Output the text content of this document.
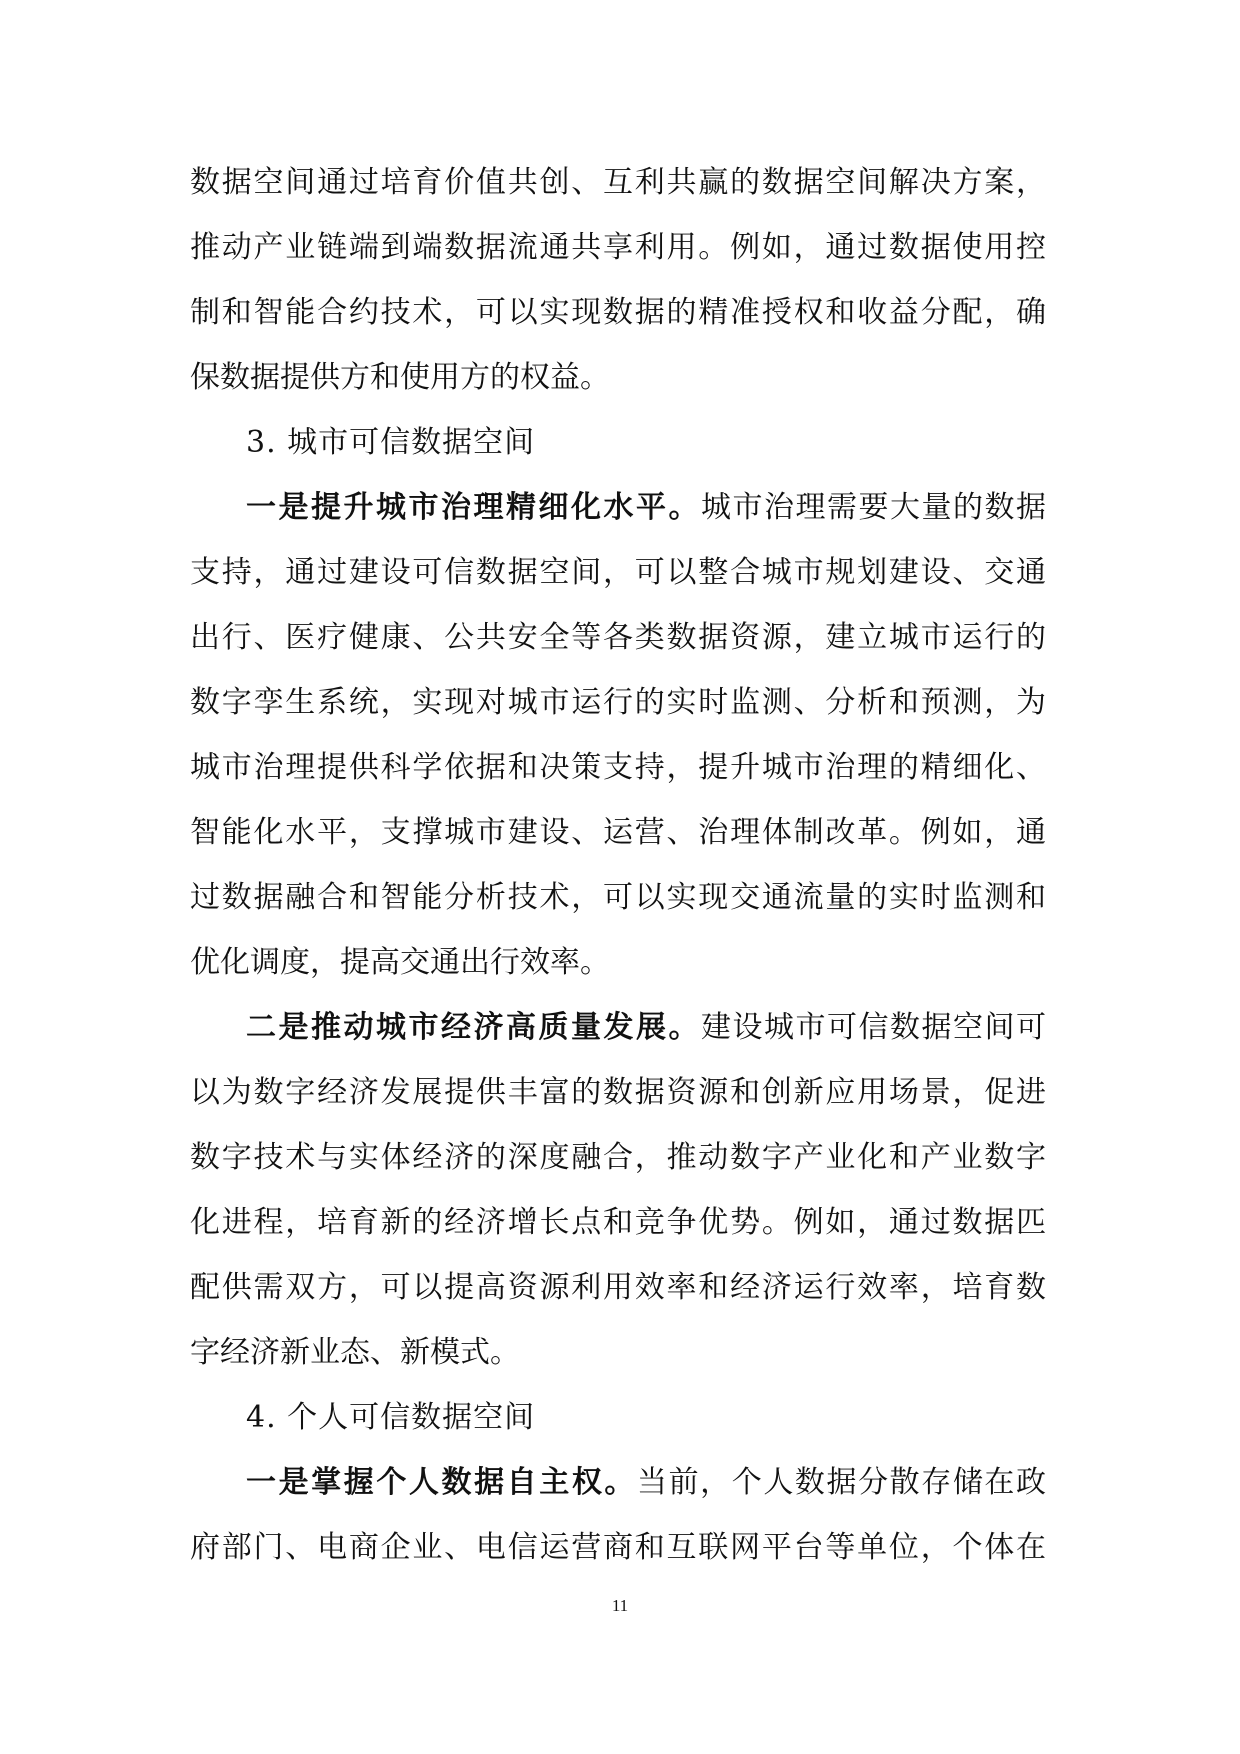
数据空间通过培育价值共创、互利共赢的数据空间解决方案，
推动产业链端到端数据流通共享利用。例如，通过数据使用控
制和智能合约技术，可以实现数据的精准授权和收益分配，确
保数据提供方和使用方的权益。
3. 城市可信数据空间
一是提升城市治理精细化水平。城市治理需要大量的数据
支持，通过建设可信数据空间，可以整合城市规划建设、交通
出行、医疗健康、公共安全等各类数据资源，建立城市运行的
数字孪生系统，实现对城市运行的实时监测、分析和预测，为
城市治理提供科学依据和决策支持，提升城市治理的精细化、
智能化水平，支撑城市建设、运营、治理体制改革。例如，通
过数据融合和智能分析技术，可以实现交通流量的实时监测和
优化调度，提高交通出行效率。
二是推动城市经济高质量发展。建设城市可信数据空间可
以为数字经济发展提供丰富的数据资源和创新应用场景，促进
数字技术与实体经济的深度融合，推动数字产业化和产业数字
化进程，培育新的经济增长点和竞争优势。例如，通过数据匹
配供需双方，可以提高资源利用效率和经济运行效率，培育数
字经济新业态、新模式。
4. 个人可信数据空间
一是掌握个人数据自主权。当前，个人数据分散存储在政
府部门、电商企业、电信运营商和互联网平台等单位，个体在
11
